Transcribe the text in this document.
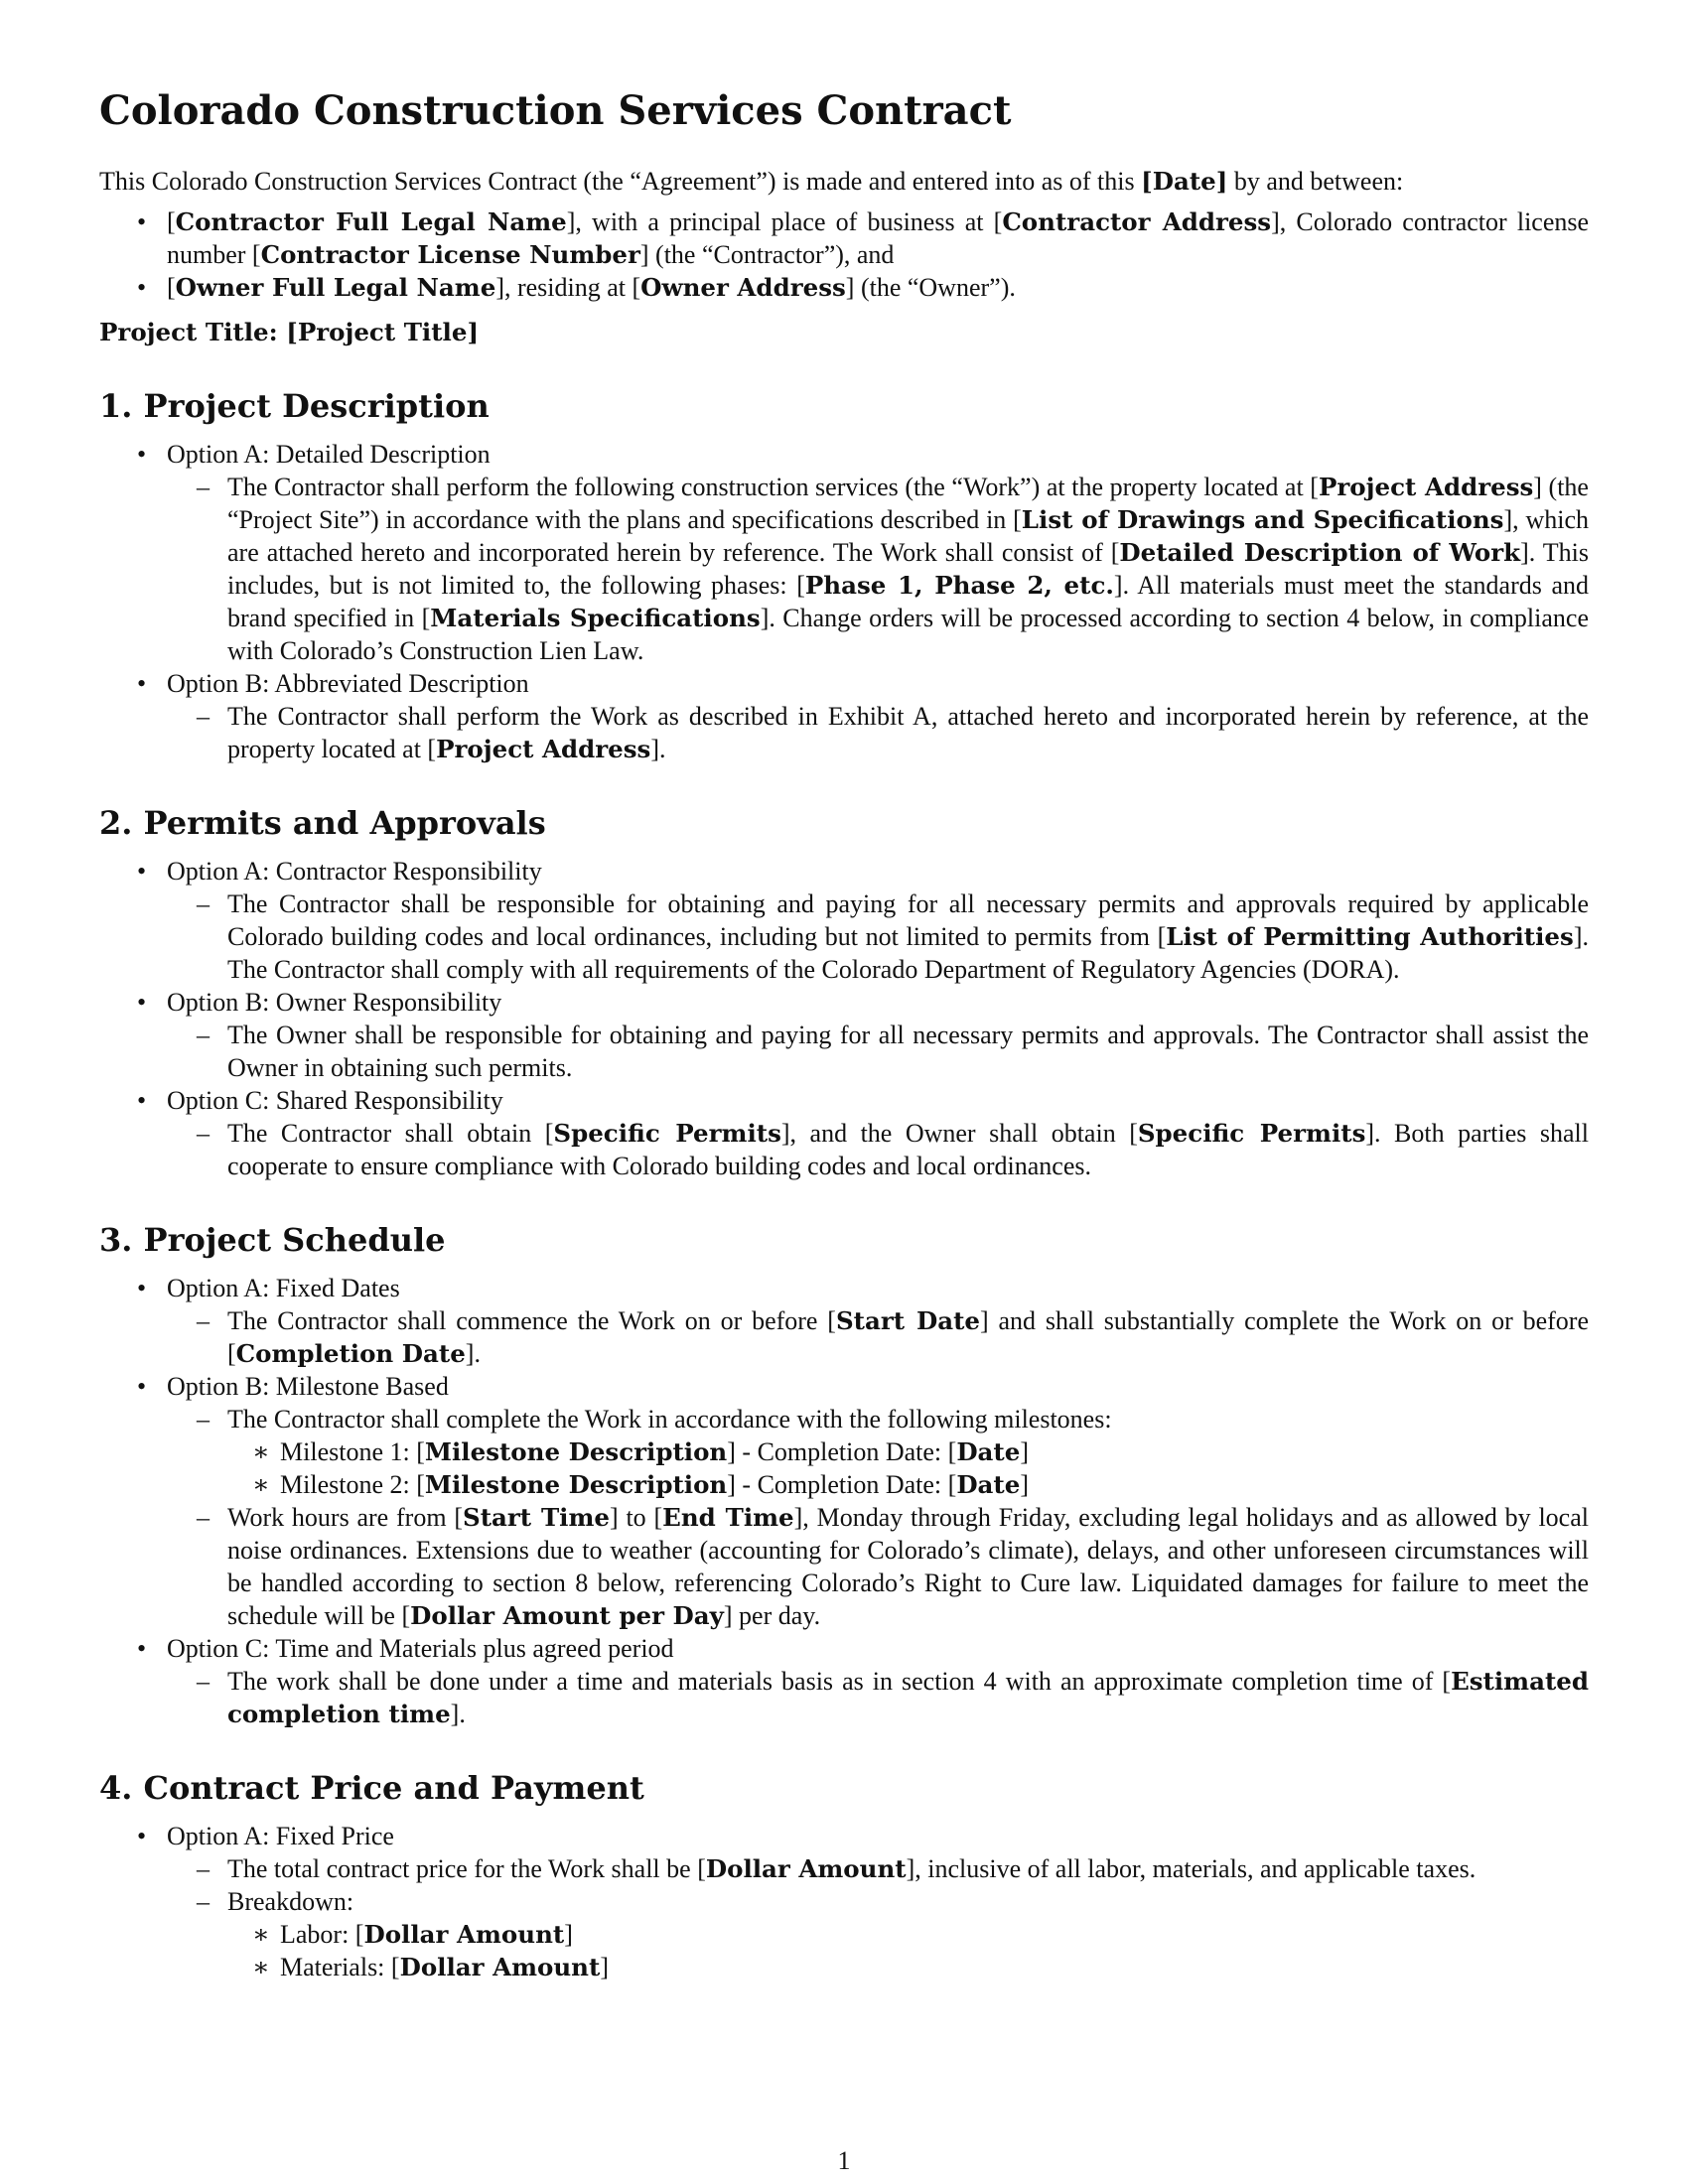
Colorado Construction Services Contract

This Colorado Construction Services Contract (the “Agreement”) is made and entered into as of this [Date] by and between:

• [Contractor Full Legal Name], with a principal place of business at [Contractor Address], Colorado contractor license number [Contractor License Number] (the “Contractor”), and
• [Owner Full Legal Name], residing at [Owner Address] (the “Owner”).
Project Title: [Project Title]
1. Project Description
• Option A: Detailed Description
– The Contractor shall perform the following construction services (the “Work”) at the property located at [Project Address] (the “Project Site”) in accordance with the plans and specifications described in [List of Drawings and Specifications], which are attached hereto and incorporated herein by reference. The Work shall consist of [Detailed Description of Work]. This includes, but is not limited to, the following phases: [Phase 1, Phase 2, etc.]. All materials must meet the standards and brand specified in [Materials Specifications]. Change orders will be processed according to section 4 below, in compliance with Colorado’s Construction Lien Law.
• Option B: Abbreviated Description
– The Contractor shall perform the Work as described in Exhibit A, attached hereto and incorporated herein by reference, at the property located at [Project Address].
2. Permits and Approvals
• Option A: Contractor Responsibility
– The Contractor shall be responsible for obtaining and paying for all necessary permits and approvals required by applicable Colorado building codes and local ordinances, including but not limited to permits from [List of Permitting Authorities]. The Contractor shall comply with all requirements of the Colorado Department of Regulatory Agencies (DORA).
• Option B: Owner Responsibility
– The Owner shall be responsible for obtaining and paying for all necessary permits and approvals. The Contractor shall assist the Owner in obtaining such permits.
• Option C: Shared Responsibility
– The Contractor shall obtain [Specific Permits], and the Owner shall obtain [Specific Permits]. Both parties shall cooperate to ensure compliance with Colorado building codes and local ordinances.
3. Project Schedule
• Option A: Fixed Dates
– The Contractor shall commence the Work on or before [Start Date] and shall substantially complete the Work on or before [Completion Date].
• Option B: Milestone Based
– The Contractor shall complete the Work in accordance with the following milestones:
∗ Milestone 1: [Milestone Description] - Completion Date: [Date]
∗ Milestone 2: [Milestone Description] - Completion Date: [Date]
– Work hours are from [Start Time] to [End Time], Monday through Friday, excluding legal holidays and as allowed by local noise ordinances. Extensions due to weather (accounting for Colorado’s climate), delays, and other unforeseen circumstances will be handled according to section 8 below, referencing Colorado’s Right to Cure law. Liquidated damages for failure to meet the schedule will be [Dollar Amount per Day] per day.
• Option C: Time and Materials plus agreed period
– The work shall be done under a time and materials basis as in section 4 with an approximate completion time of [Estimated completion time].
4. Contract Price and Payment
• Option A: Fixed Price
– The total contract price for the Work shall be [Dollar Amount], inclusive of all labor, materials, and applicable taxes.
– Breakdown:
∗ Labor: [Dollar Amount]
∗ Materials: [Dollar Amount]
1
